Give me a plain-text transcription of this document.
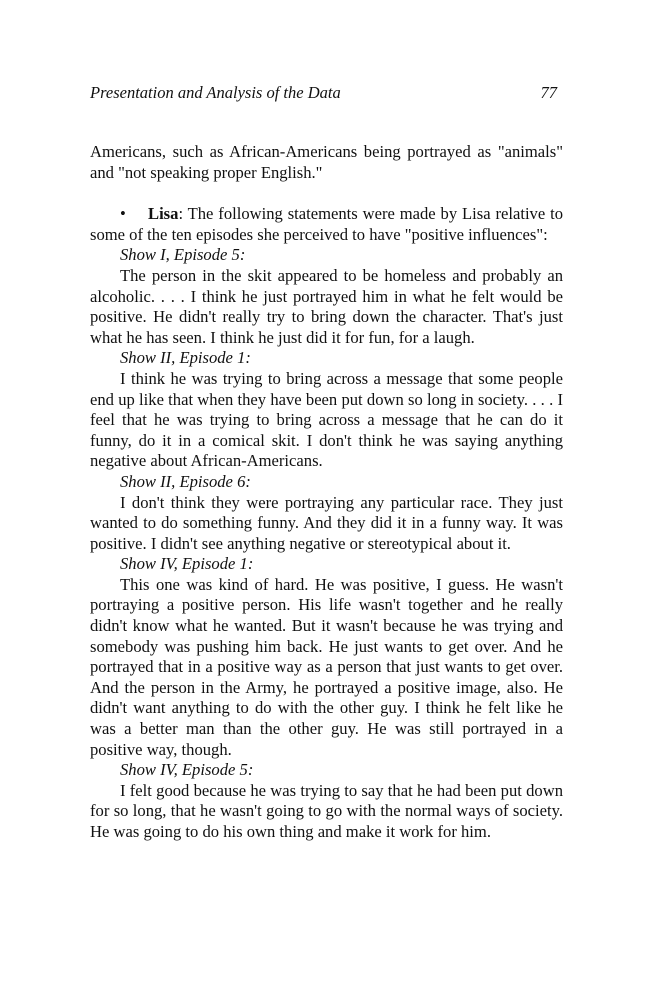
Presentation and Analysis of the Data	77

Americans, such as African-Americans being portrayed as "animals" and "not speaking proper English."

• Lisa: The following statements were made by Lisa relative to some of the ten episodes she perceived to have "positive influences":

Show I, Episode 5:

The person in the skit appeared to be homeless and probably an alcoholic. . . . I think he just portrayed him in what he felt would be positive. He didn't really try to bring down the character. That's just what he has seen. I think he just did it for fun, for a laugh.

Show II, Episode 1:

I think he was trying to bring across a message that some people end up like that when they have been put down so long in society. . . . I feel that he was trying to bring across a message that he can do it funny, do it in a comical skit. I don't think he was saying anything negative about African-Americans.

Show II, Episode 6:

I don't think they were portraying any particular race. They just wanted to do something funny. And they did it in a funny way. It was positive. I didn't see anything negative or stereotypical about it.

Show IV, Episode 1:

This one was kind of hard. He was positive, I guess. He wasn't portraying a positive person. His life wasn't together and he really didn't know what he wanted. But it wasn't because he was trying and somebody was pushing him back. He just wants to get over. And he portrayed that in a positive way as a person that just wants to get over. And the person in the Army, he portrayed a positive image, also. He didn't want anything to do with the other guy. I think he felt like he was a better man than the other guy. He was still portrayed in a positive way, though.

Show IV, Episode 5:

I felt good because he was trying to say that he had been put down for so long, that he wasn't going to go with the normal ways of society. He was going to do his own thing and make it work for him.
